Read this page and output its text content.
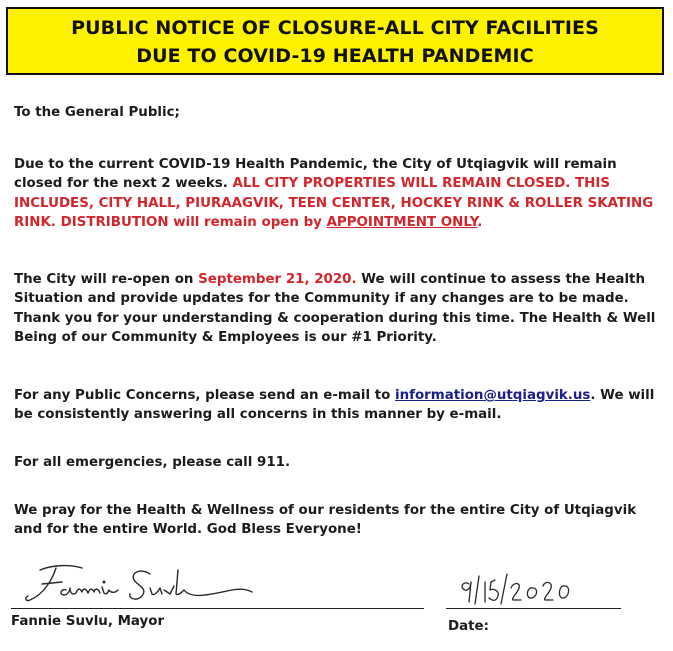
PUBLIC NOTICE OF CLOSURE-ALL CITY FACILITIES
DUE TO COVID-19 HEALTH PANDEMIC

To the General Public;

Due to the current COVID-19 Health Pandemic, the City of Utqiagvik will remain closed for the next 2 weeks. ALL CITY PROPERTIES WILL REMAIN CLOSED. THIS INCLUDES, CITY HALL, PIURAAGVIK, TEEN CENTER, HOCKEY RINK & ROLLER SKATING RINK. DISTRIBUTION will remain open by APPOINTMENT ONLY.

The City will re-open on September 21, 2020. We will continue to assess the Health Situation and provide updates for the Community if any changes are to be made. Thank you for your understanding & cooperation during this time. The Health & Well Being of our Community & Employees is our #1 Priority.

For any Public Concerns, please send an e-mail to information@utqiagvik.us. We will be consistently answering all concerns in this manner by e-mail.

For all emergencies, please call 911.

We pray for the Health & Wellness of our residents for the entire City of Utqiagvik and for the entire World. God Bless Everyone!

Fannie Suvlu, Mayor	Date:
